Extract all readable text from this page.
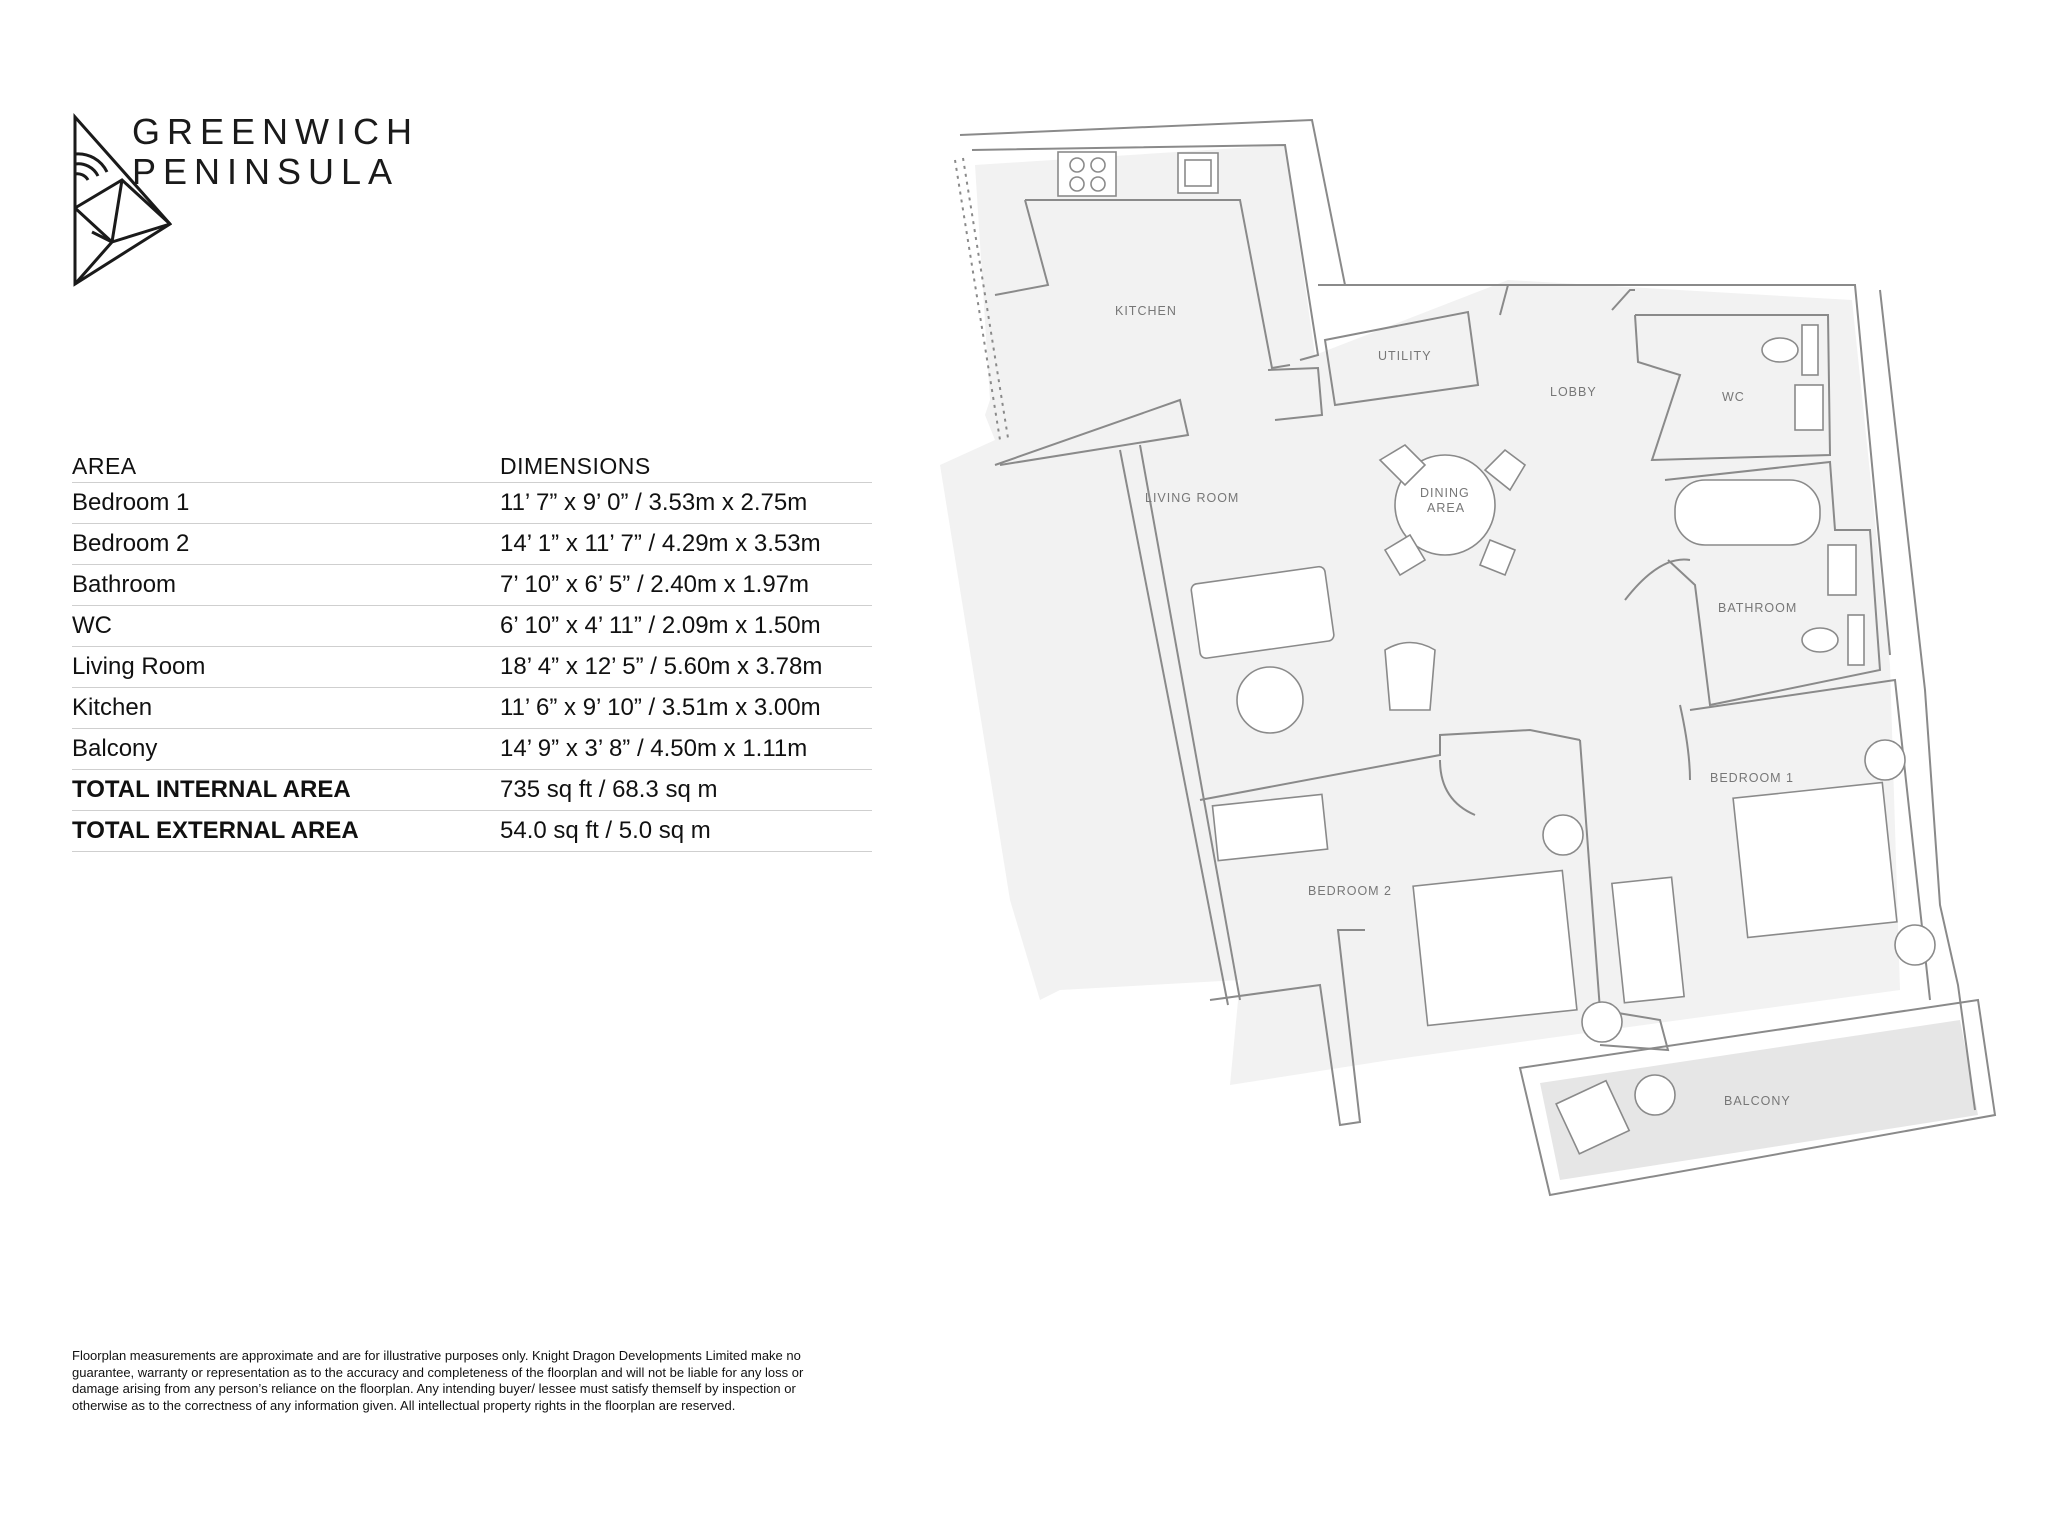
GREENWICH
PENINSULA
AREA	DIMENSIONS
Bedroom 1	11’ 7” x 9’ 0” / 3.53m x 2.75m
Bedroom 2	14’ 1” x 11’ 7” / 4.29m x 3.53m
Bathroom	7’ 10” x 6’ 5” / 2.40m x 1.97m
WC	6’ 10” x 4’ 11” / 2.09m x 1.50m
Living Room	18’ 4” x 12’ 5” / 5.60m x 3.78m
Kitchen	11’ 6” x 9’ 10” / 3.51m x 3.00m
Balcony	14’ 9” x 3’ 8” / 4.50m x 1.11m
TOTAL INTERNAL AREA	735 sq ft / 68.3 sq m
TOTAL EXTERNAL AREA	54.0 sq ft / 5.0 sq m
KITCHEN
UTILITY
LOBBY	WC
LIVING ROOM	DINING
AREA
BATHROOM
BEDROOM 1
BEDROOM 2
BALCONY
Floorplan measurements are approximate and are for illustrative purposes only. Knight Dragon Developments Limited make no guarantee, warranty or representation as to the accuracy and completeness of the floorplan and will not be liable for any loss or damage arising from any person’s reliance on the floorplan. Any intending buyer/ lessee must satisfy themself by inspection or otherwise as to the correctness of any information given. All intellectual property rights in the floorplan are reserved.
